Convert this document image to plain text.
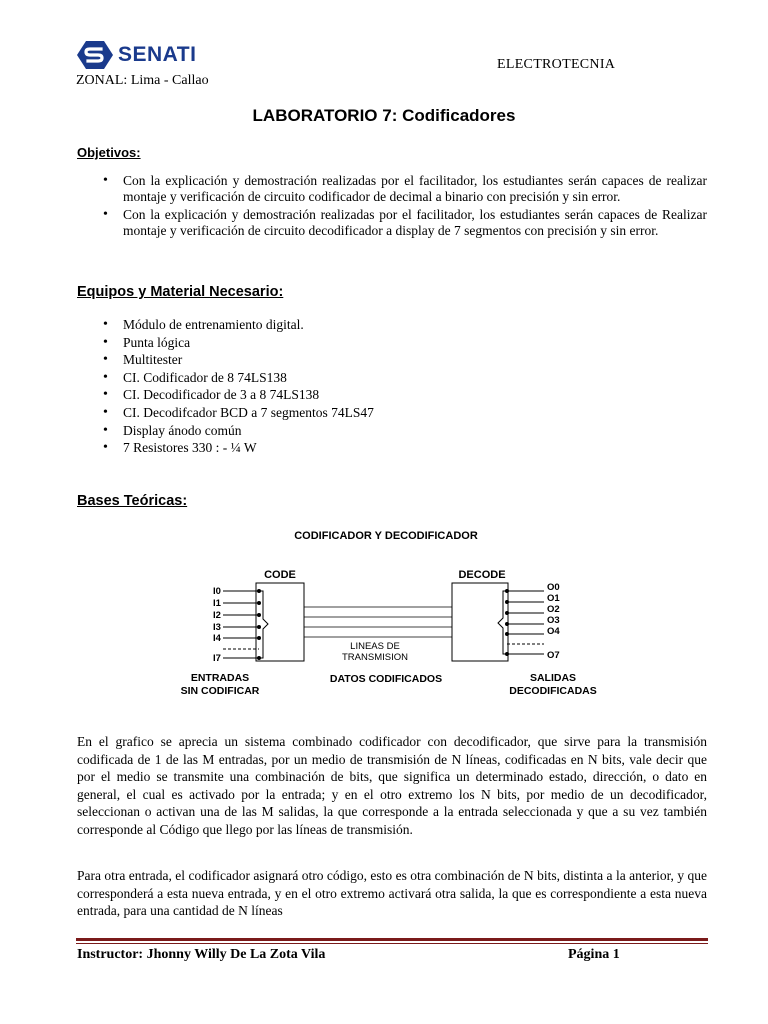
SENATI
ZONAL: Lima - Callao
ELECTROTECNIA
LABORATORIO 7: Codificadores
Objetivos:
• Con la explicación y demostración realizadas por el facilitador, los estudiantes serán capaces de realizar montaje y verificación de circuito codificador de decimal a binario con precisión y sin error.
• Con la explicación y demostración realizadas por el facilitador, los estudiantes serán capaces de Realizar montaje y verificación de circuito decodificador a display de 7 segmentos con precisión y sin error.
Equipos y Material Necesario:
• Módulo de entrenamiento digital.
• Punta lógica
• Multitester
• CI. Codificador de 8 74LS138
• CI. Decodificador de 3 a 8 74LS138
• CI. Decodifcador BCD a 7 segmentos 74LS47
• Display ánodo común
• 7 Resistores 330 : - ¼ W
Bases Teóricas:
CODIFICADOR Y DECODIFICADOR
CODE	DECODE
I0
I1
I2
I3
I4
I7
LINEAS DE
TRANSMISION
O0
O1
O2
O3
O4
O7
ENTRADAS
SIN CODIFICAR
DATOS CODIFICADOS	SALIDAS
DECODIFICADAS
En el grafico se aprecia un sistema combinado codificador con decodificador, que sirve para la transmisión codificada de 1 de las M entradas, por un medio de transmisión de N líneas, codificadas en N bits, vale decir que por el medio se transmite una combinación de bits, que significa un determinado estado, dirección, o dato en general, el cual es activado por la entrada; y en el otro extremo los N bits, por medio de un decodificador, seleccionan o activan una de las M salidas, la que corresponde a la entrada seleccionada y que a su vez también corresponde al Código que llego por las líneas de transmisión.
Para otra entrada, el codificador asignará otro código, esto es otra combinación de N bits, distinta a la anterior, y que corresponderá a esta nueva entrada, y en el otro extremo activará otra salida, la que es correspondiente a esta nueva entrada, para una cantidad de N líneas
Instructor: Jhonny Willy De La Zota Vila	Página 1
